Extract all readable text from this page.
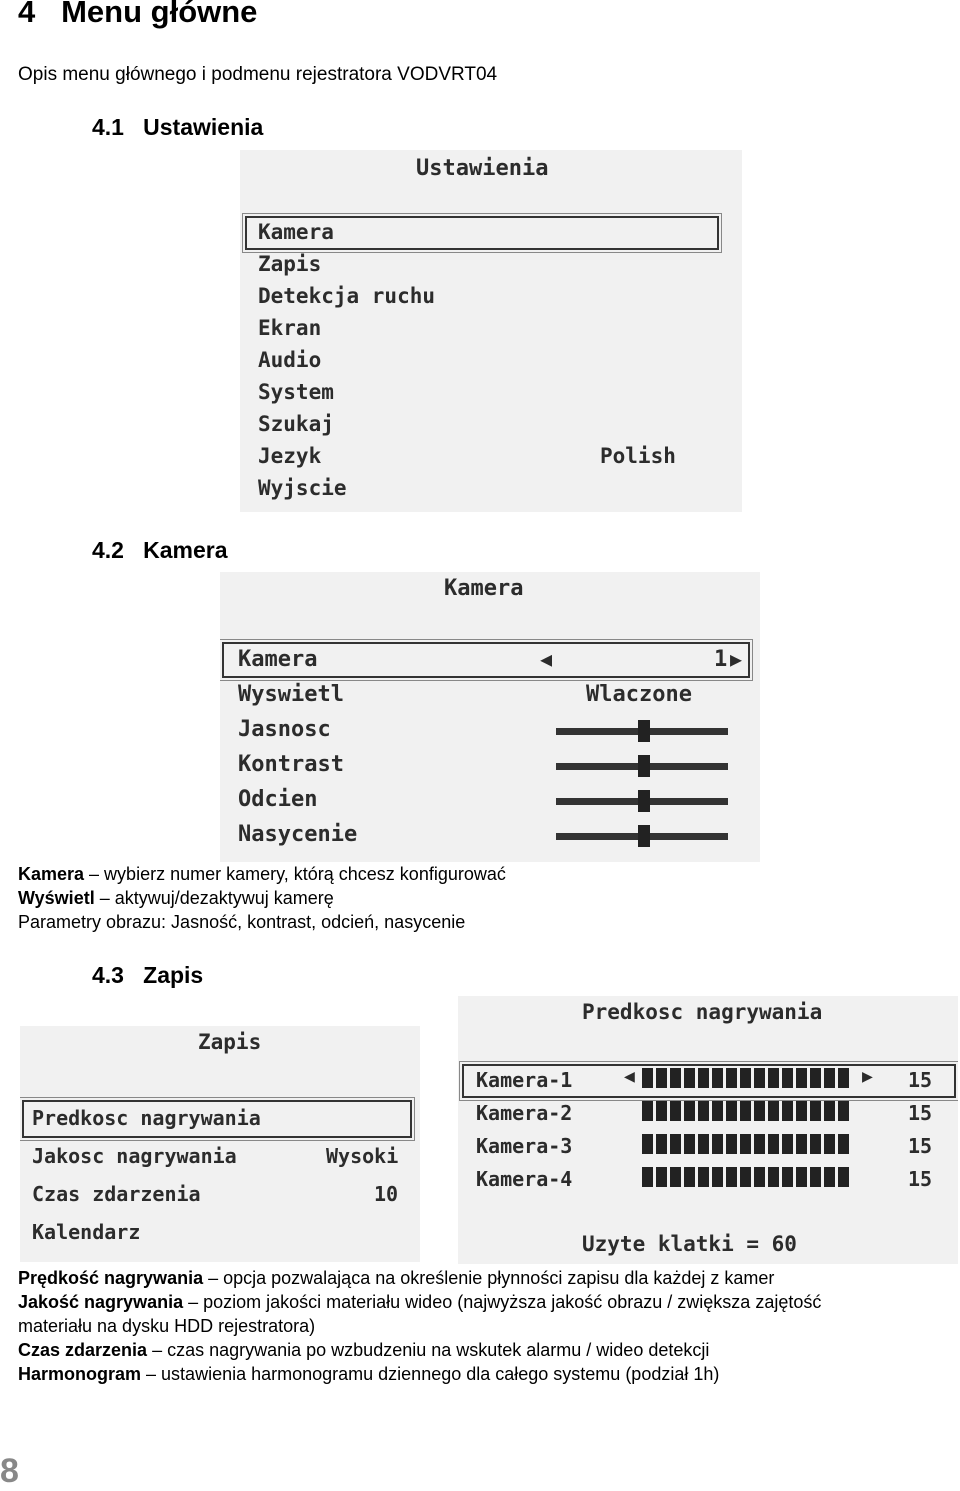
4 Menu główne
Opis menu głównego i podmenu rejestratora VODVRT04
4.1 Ustawienia
Ustawienia
Kamera
Zapis
Detekcja ruchu
Ekran
Audio
System
Szukaj
Jezyk	Polish
Wyjscie
4.2 Kamera
Kamera
Kamera	◀	1 ▶
Wyswietl	Wlaczone
Jasnosc
Kontrast
Odcien
Nasycenie
Kamera – wybierz numer kamery, którą chcesz konfigurować
Wyświetl – aktywuj/dezaktywuj kamerę
Parametry obrazu: Jasność, kontrast, odcień, nasycenie
4.3 Zapis
Zapis
Predkosc nagrywania
Jakosc nagrywania	Wysoki
Czas zdarzenia	10
Kalendarz
Predkosc nagrywania
Kamera-1	◀	▶ 15
Kamera-2	15
Kamera-3	15
Kamera-4	15
Uzyte klatki = 60
Prędkość nagrywania – opcja pozwalająca na określenie płynności zapisu dla każdej z kamer
Jakość nagrywania – poziom jakości materiału wideo (najwyższa jakość obrazu / zwiększa zajętość
materiału na dysku HDD rejestratora)
Czas zdarzenia – czas nagrywania po wzbudzeniu na wskutek alarmu / wideo detekcji
Harmonogram – ustawienia harmonogramu dziennego dla całego systemu (podział 1h)
8
